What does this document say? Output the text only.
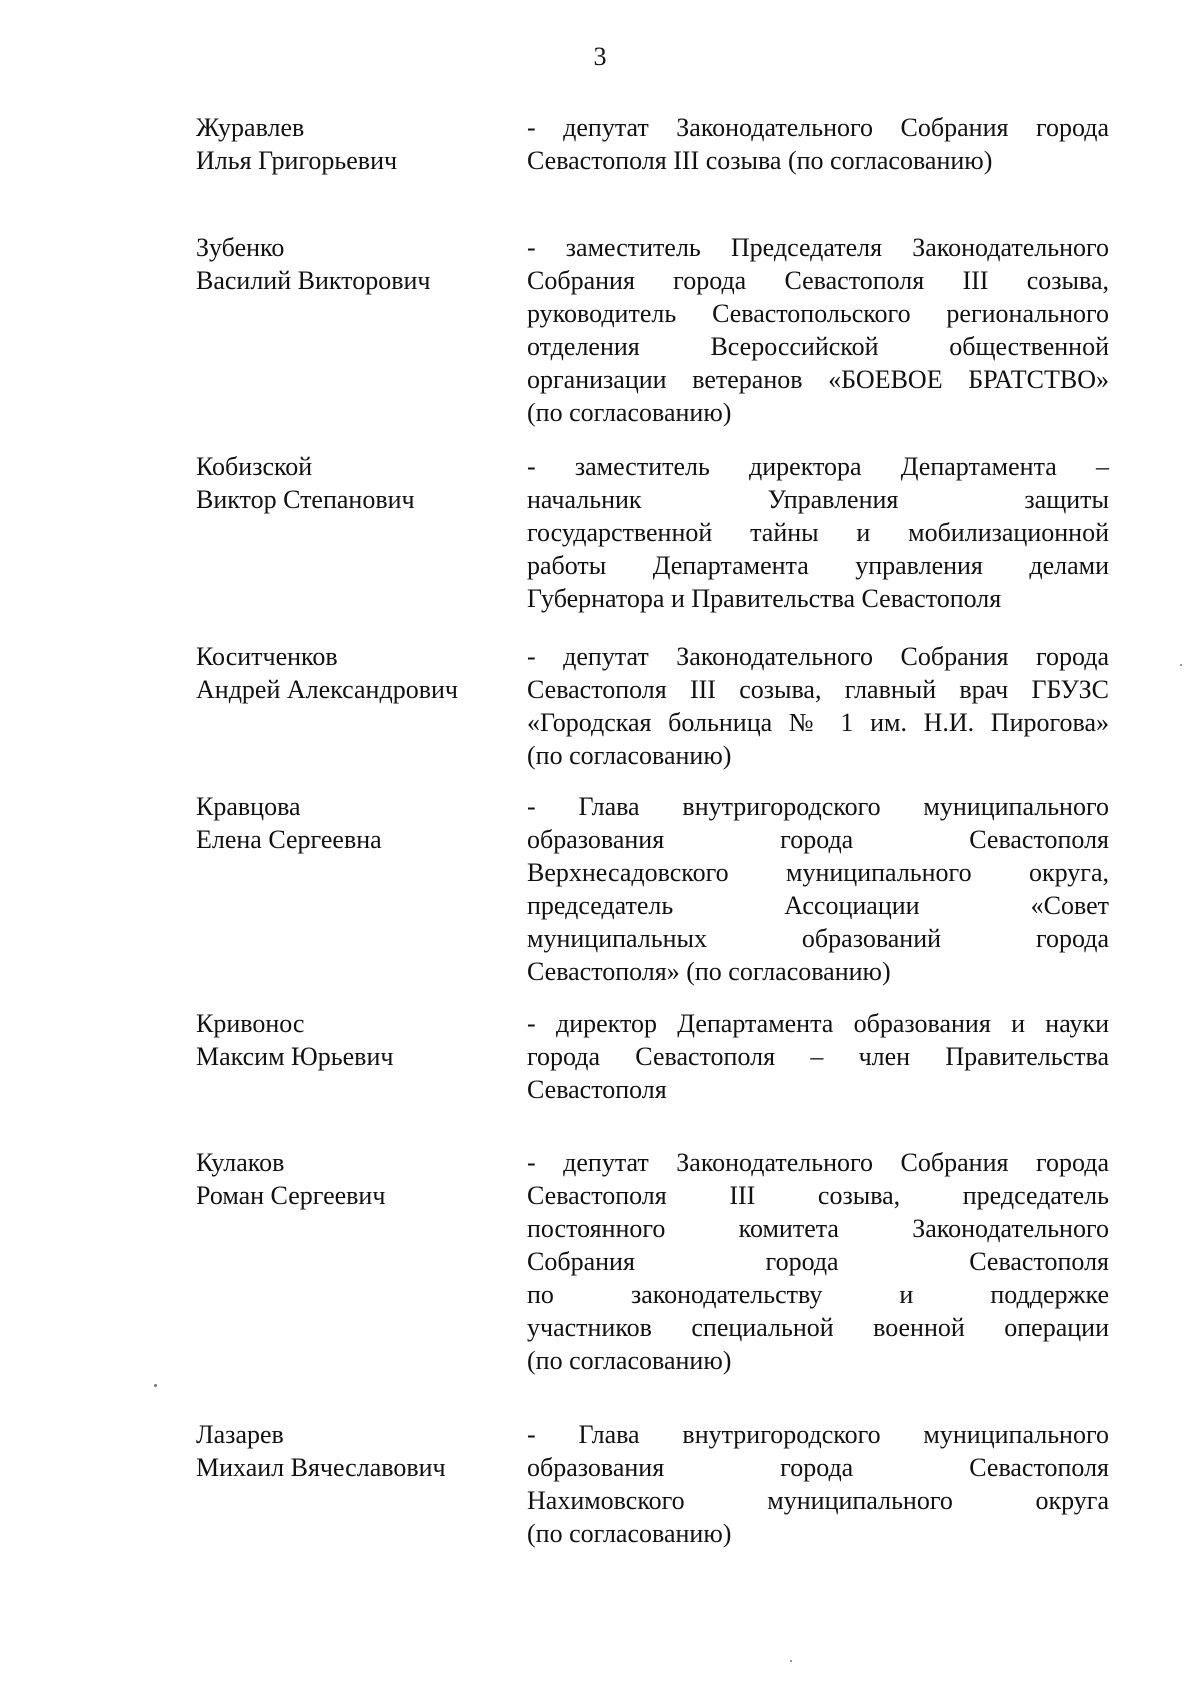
3
Журавлев
Илья Григорьевич
- депутат Законодательного Собрания города
Севастополя III созыва (по согласованию)
Зубенко
Василий Викторович
- заместитель Председателя Законодательного
Собрания города Севастополя III созыва,
руководитель Севастопольского регионального
отделения Всероссийской общественной
организации ветеранов «БОЕВОЕ БРАТСТВО»
(по согласованию)
Кобизской
Виктор Степанович
- заместитель директора Департамента –
начальник Управления защиты
государственной тайны и мобилизационной
работы Департамента управления делами
Губернатора и Правительства Севастополя
Коситченков
Андрей Александрович
- депутат Законодательного Собрания города
Севастополя III созыва, главный врач ГБУЗС
«Городская больница № 1 им. Н.И. Пирогова»
(по согласованию)
Кравцова
Елена Сергеевна
- Глава внутригородского муниципального
образования города Севастополя
Верхнесадовского муниципального округа,
председатель Ассоциации «Совет
муниципальных образований города
Севастополя» (по согласованию)
Кривонос
Максим Юрьевич
- директор Департамента образования и науки
города Севастополя – член Правительства
Севастополя
Кулаков
Роман Сергеевич
- депутат Законодательного Собрания города
Севастополя III созыва, председатель
постоянного комитета Законодательного
Собрания города Севастополя
по законодательству и поддержке
участников специальной военной операции
(по согласованию)
Лазарев
Михаил Вячеславович
- Глава внутригородского муниципального
образования города Севастополя
Нахимовского муниципального округа
(по согласованию)
